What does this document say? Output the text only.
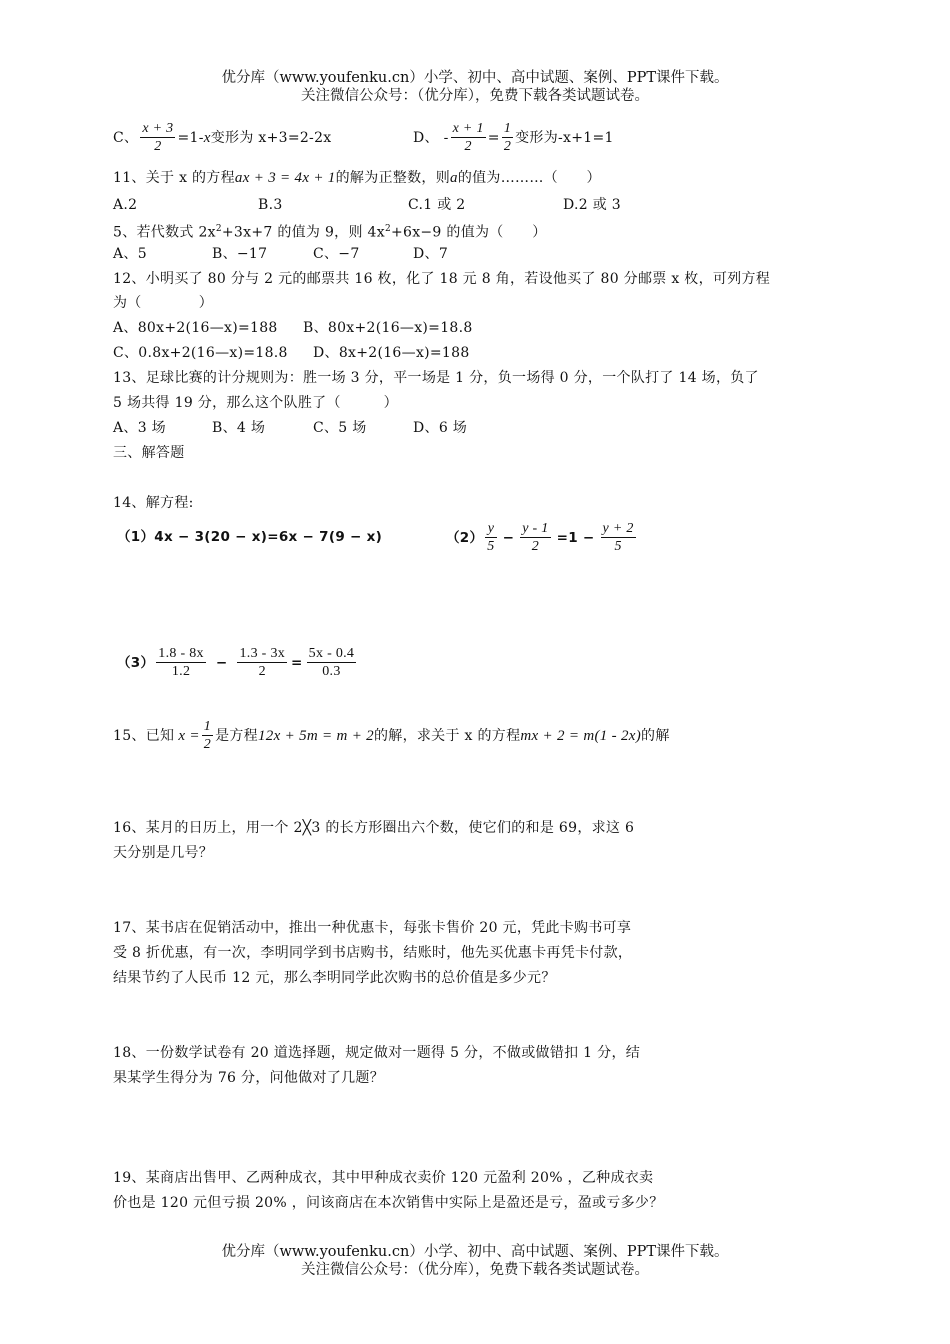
优分库（www.youfenku.cn）小学、初中、高中试题、案例、PPT课件下载。
关注微信公众号：（优分库），免费下载各类试题试卷。
C、 $\frac{x + 3}{2} =1-$ x 变形为 x+3=2-2x	D、 - $\frac{x + 1}{2} = \frac{1}{2}$ 变形为-x+1=1
11、关于 x 的方程ax + 3 = 4x + 1的解为正整数，则a的值为………（　　）
A.2	B.3	C.1 或 2	D.2 或 3
5、若代数式 $2x^2+3x+7$ 的值为 9，则 $4x^2+6x-9$ 的值为（　　）
A、5	B、−17	C、−7	D、7
12、小明买了 80 分与 2 元的邮票共 16 枚，化了 18 元 8 角，若设他买了 80 分邮票 x 枚，可列方程
为（　　　　）
A、80x+2(16—x)=188 B、80x+2(16—x)=18.8
C、0.8x+2(16—x)=18.8 D、8x+2(16—x)=188
13、足球比赛的计分规则为：胜一场 3 分，平一场是 1 分，负一场得 0 分，一个队打了 14 场，负了
5 场共得 19 分，那么这个队胜了（　　　）
A、3 场	B、4 场	C、5 场	D、6 场
三、解答题
14、解方程:
（1）4x − 3(20 − x)=6x − 7(9 − x)	$(2) \frac{y}{5} - \frac{y - 1}{2} =1 - \frac{y + 2}{5}$
$(3) \frac{1.8 - 8x}{1.2} - \frac{1.3 - 3x}{2} = \frac{5x - 0.4}{0.3}$
15、已知 $x = \frac{1}{2}$ 是方程 12x + 5m = m + 2 的解，求关于 x 的方程 mx + 2 = m(1 - 2x) 的解
16、某月的日历上，用一个 2╳3 的长方形圈出六个数，使它们的和是 69，求这 6
天分别是几号？
17、某书店在促销活动中，推出一种优惠卡，每张卡售价 20 元，凭此卡购书可享
受 8 折优惠，有一次，李明同学到书店购书，结账时，他先买优惠卡再凭卡付款，
结果节约了人民币 12 元，那么李明同学此次购书的总价值是多少元？
18、一份数学试卷有 20 道选择题，规定做对一题得 5 分，不做或做错扣 1 分，结
果某学生得分为 76 分，问他做对了几题？
19、某商店出售甲、乙两种成衣，其中甲种成衣卖价 120 元盈利 20% ，乙种成衣卖
价也是 120 元但亏损 20% ，问该商店在本次销售中实际上是盈还是亏，盈或亏多少？
优分库（www.youfenku.cn）小学、初中、高中试题、案例、PPT课件下载。
关注微信公众号：（优分库），免费下载各类试题试卷。
